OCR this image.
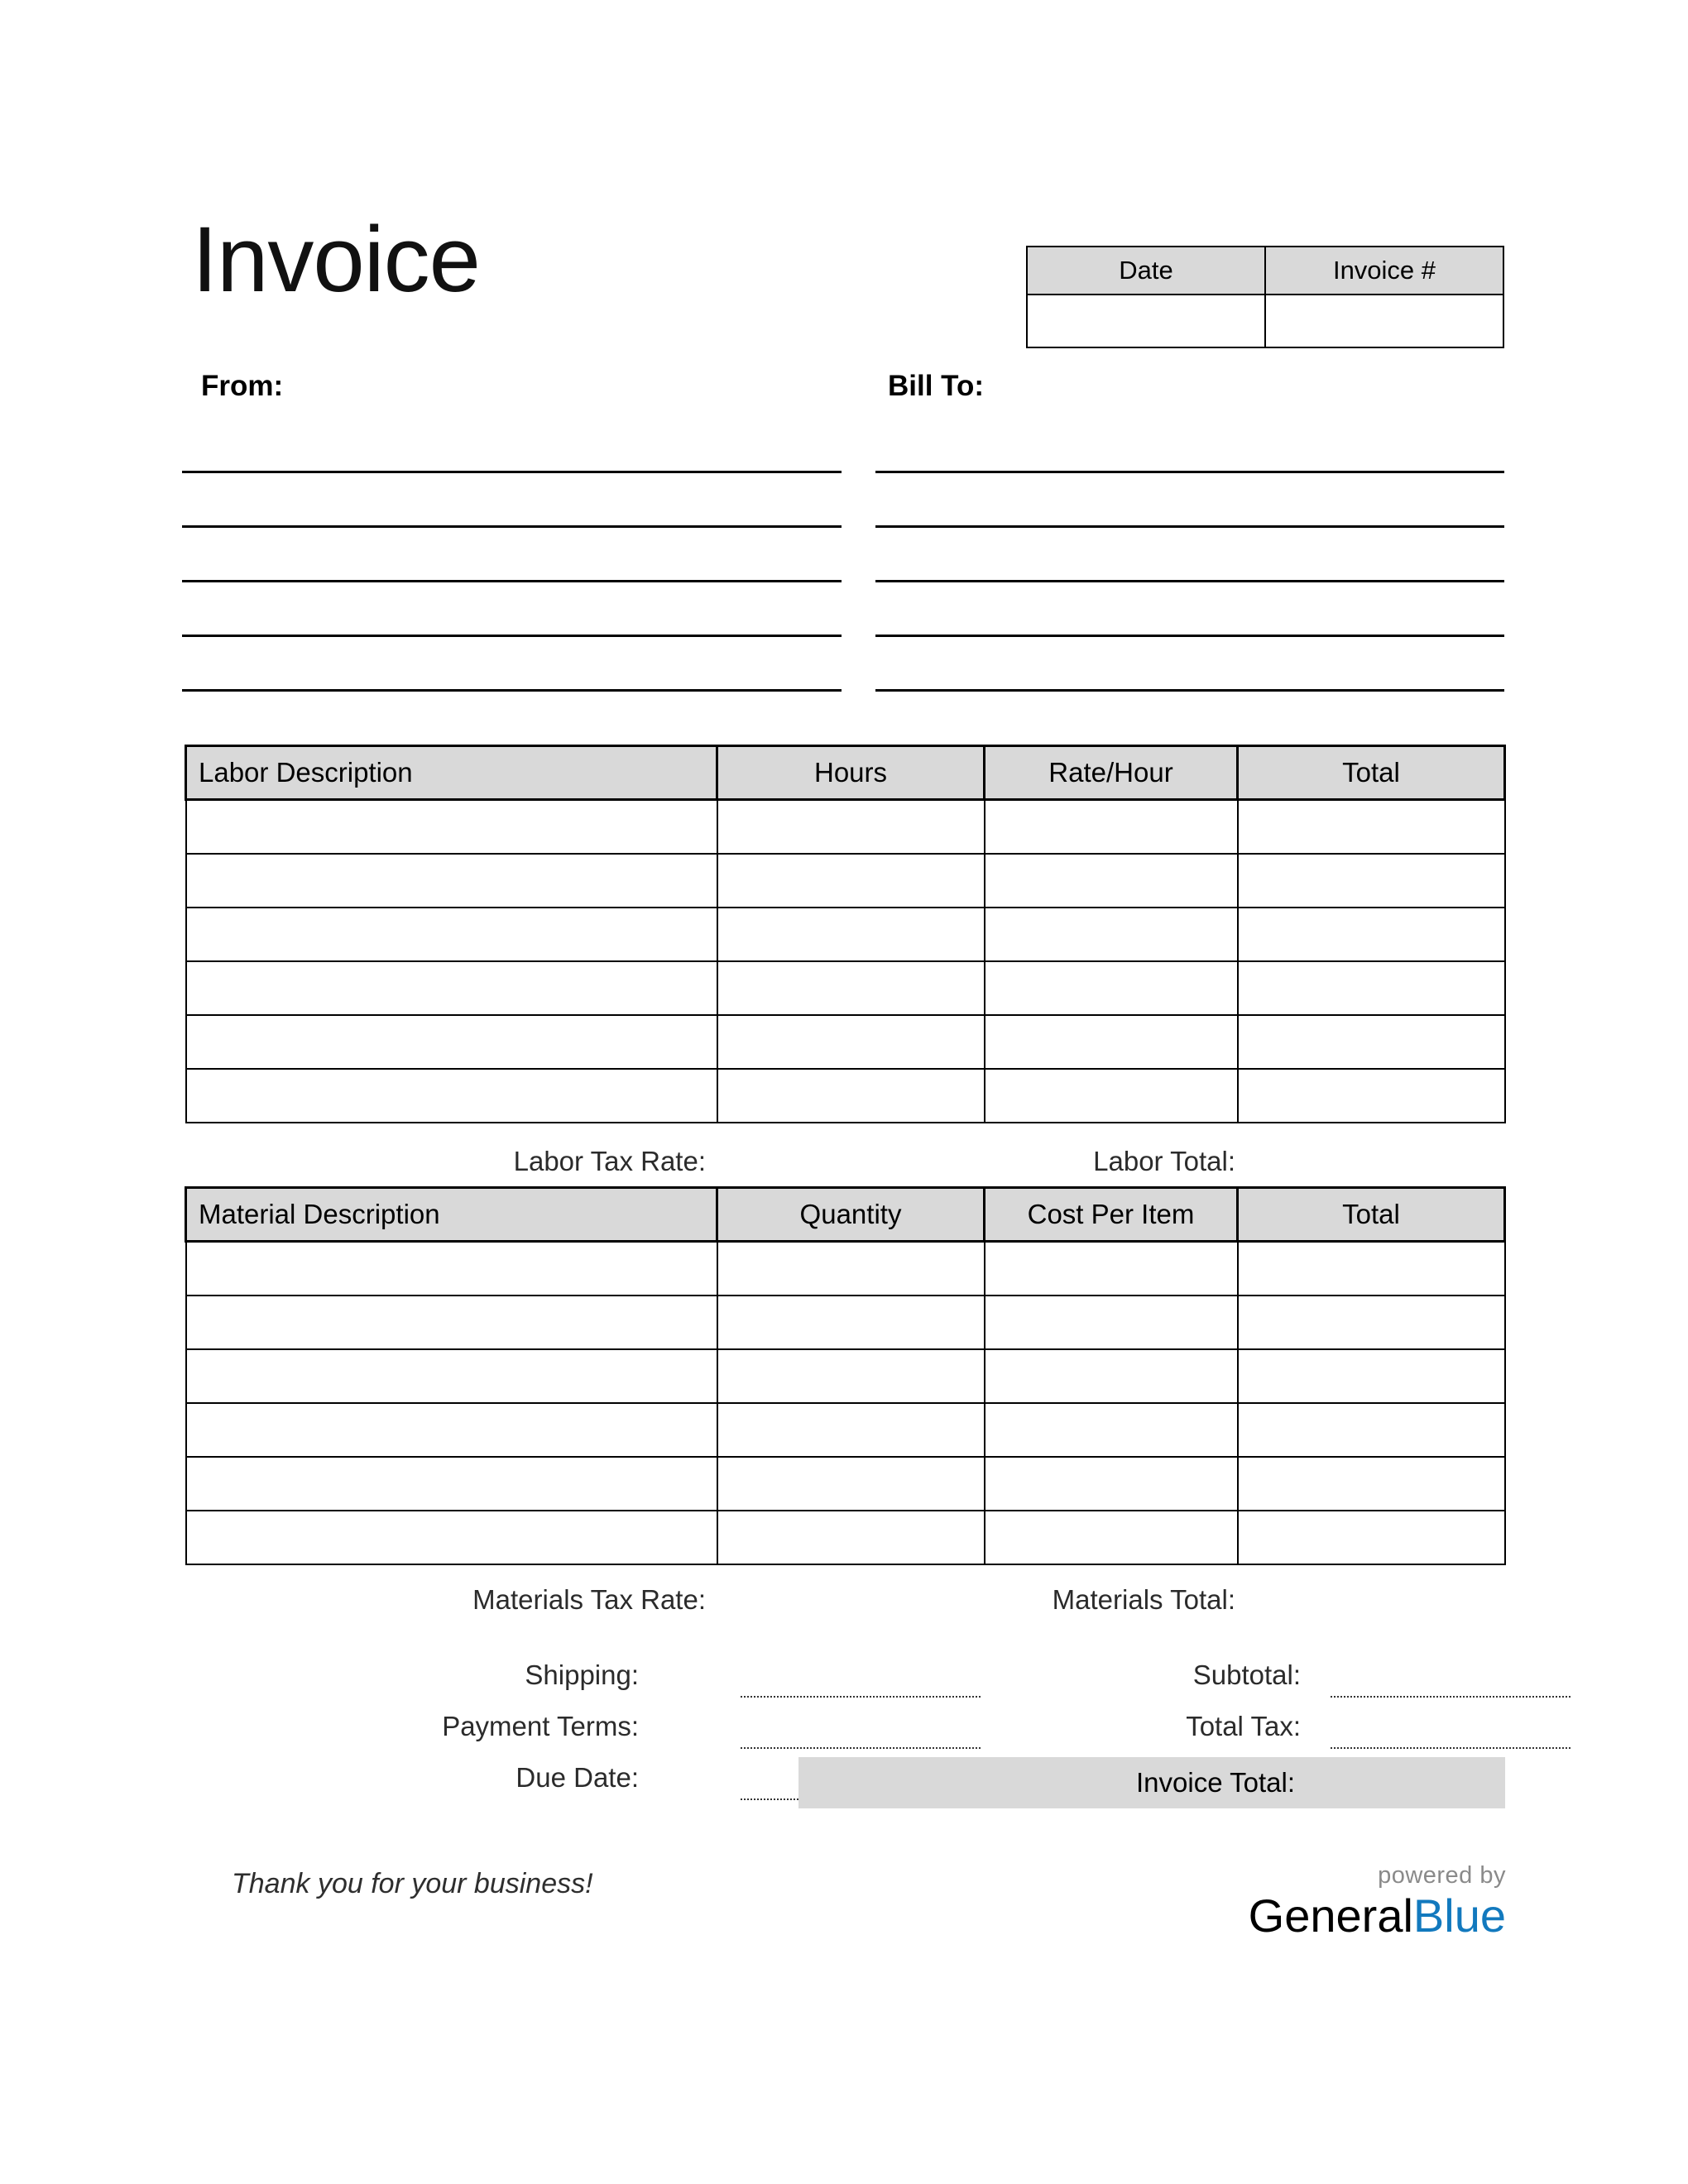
Invoice
From:	Bill To:
Date	Invoice #

Labor Description	Hours	Rate/Hour	Total

Labor Tax Rate:	Labor Total:
Material Description	Quantity	Cost Per Item	Total

Materials Tax Rate:	Materials Total:
Shipping:
Payment Terms:
Due Date:
Subtotal:
Total Tax:
Invoice Total:
Thank you for your business!	powered by
GeneralBlue
